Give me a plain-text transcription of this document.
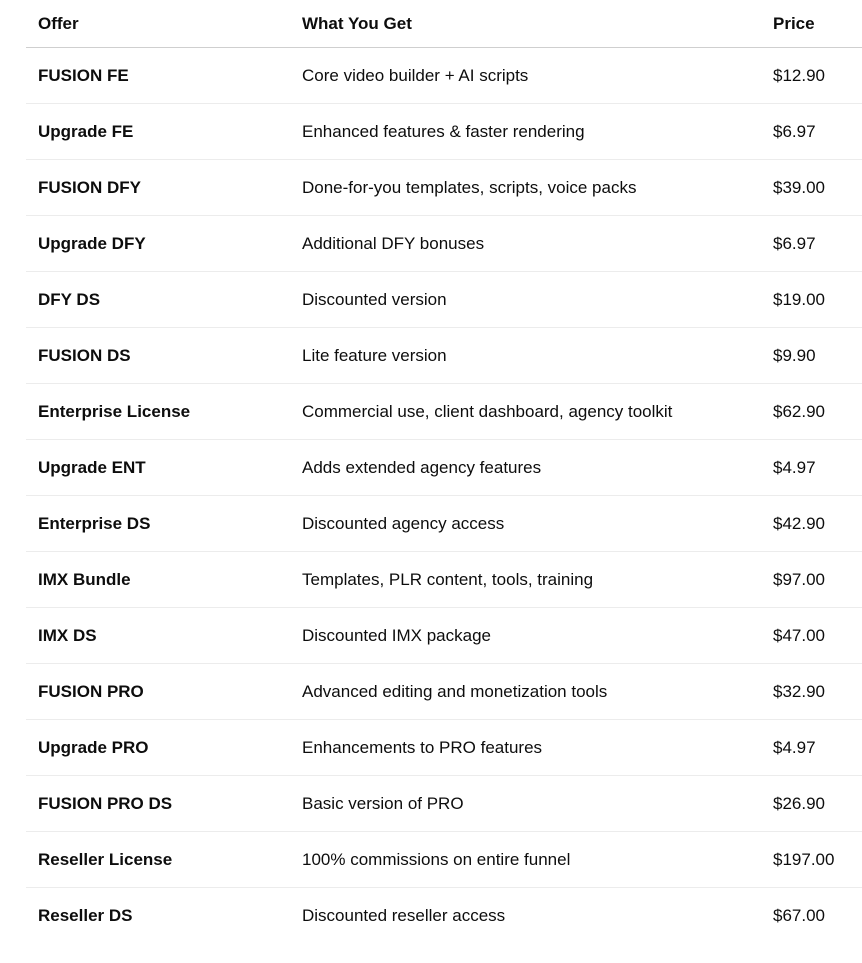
Offer	What You Get	Price
FUSION FE	Core video builder + AI scripts	$12.90
Upgrade FE	Enhanced features & faster rendering	$6.97
FUSION DFY	Done-for-you templates, scripts, voice packs	$39.00
Upgrade DFY	Additional DFY bonuses	$6.97
DFY DS	Discounted version	$19.00
FUSION DS	Lite feature version	$9.90
Enterprise License	Commercial use, client dashboard, agency toolkit	$62.90
Upgrade ENT	Adds extended agency features	$4.97
Enterprise DS	Discounted agency access	$42.90
IMX Bundle	Templates, PLR content, tools, training	$97.00
IMX DS	Discounted IMX package	$47.00
FUSION PRO	Advanced editing and monetization tools	$32.90
Upgrade PRO	Enhancements to PRO features	$4.97
FUSION PRO DS	Basic version of PRO	$26.90
Reseller License	100% commissions on entire funnel	$197.00
Reseller DS	Discounted reseller access	$67.00
